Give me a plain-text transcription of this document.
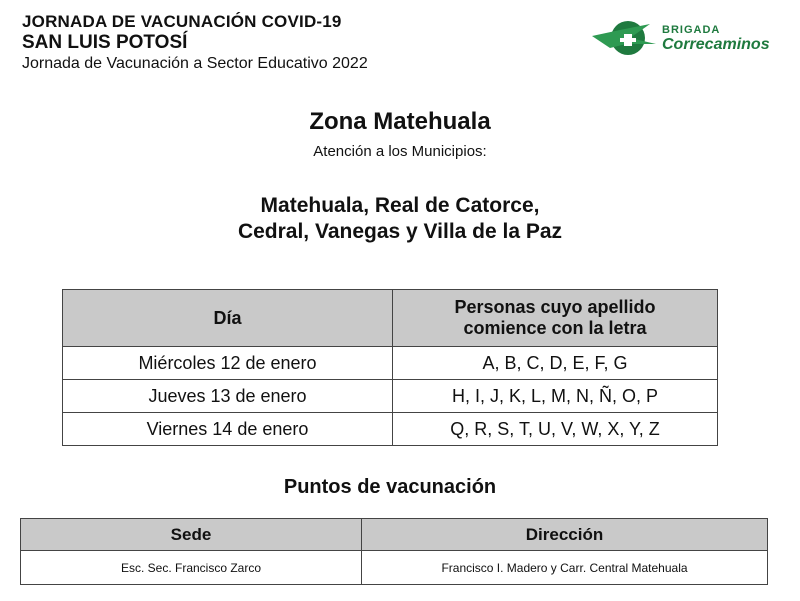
JORNADA DE VACUNACIÓN COVID-19
SAN LUIS POTOSÍ
Jornada de Vacunación a Sector Educativo 2022
BRIGADA
Correcaminos
Zona Matehuala
Atención a los Municipios:
Matehuala, Real de Catorce,
Cedral, Vanegas y Villa de la Paz
Día	Personas cuyo apellido
comience con la letra

Miércoles 12 de enero	A, B, C, D, E, F, G
Jueves 13 de enero	H, I, J, K, L, M, N, Ñ, O, P
Viernes 14 de enero	Q, R, S, T, U, V, W, X, Y, Z
Puntos de vacunación
Sede	Dirección
Esc. Sec. Francisco Zarco	Francisco I. Madero y Carr. Central Matehuala
